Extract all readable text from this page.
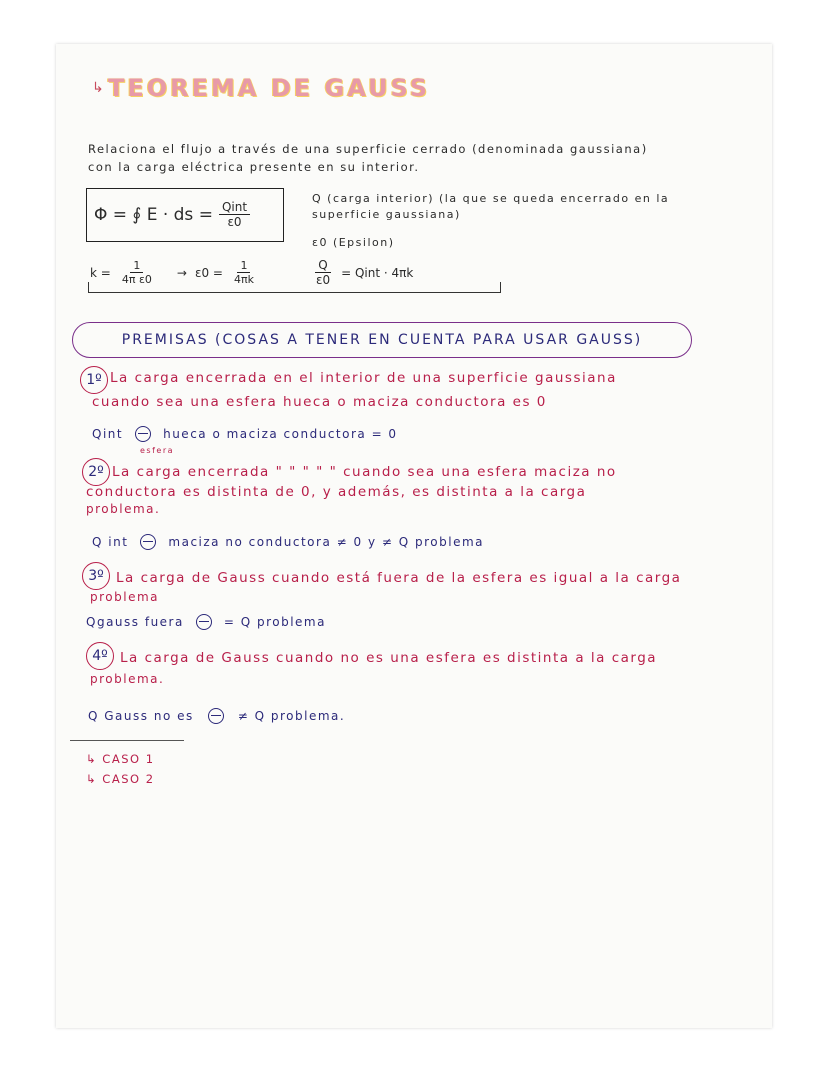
↳ TEOREMA DE GAUSS
Relaciona el flujo a través de una superficie cerrado (denominada gaussiana)
con la carga eléctrica presente en su interior.
Φ = ∮ E · ds = $\frac{\text{Qint}}{\varepsilon 0}$
Q (carga interior) (la que se queda encerrado en la
superficie gaussiana)
ε0 (Epsilon)
$k = \frac{1}{\text{4π ε0}} \to \varepsilon 0 = \frac{1}{4\pi k}$	$\frac{Q}{\varepsilon 0}$ = Qint · 4πk
PREMISAS (COSAS A TENER EN CUENTA PARA USAR GAUSS)
1º La carga encerrada en el interior de una superficie gaussiana
cuando sea una esfera hueca o maciza conductora es 0
Qint	hueca o maciza conductora = 0
esfera
2º La carga encerrada " " " " " cuando sea una esfera maciza no
conductora es distinta de 0, y además, es distinta a la carga
problema.
Q int	maciza no conductora ≠ 0 y ≠ Q problema
3º La carga de Gauss cuando está fuera de la esfera es igual a la carga
problema
Qgauss fuera	= Q problema
4º La carga de Gauss cuando no es una esfera es distinta a la carga
problema.
Q Gauss no es	≠ Q problema.
↳ CASO 1
↳ CASO 2
